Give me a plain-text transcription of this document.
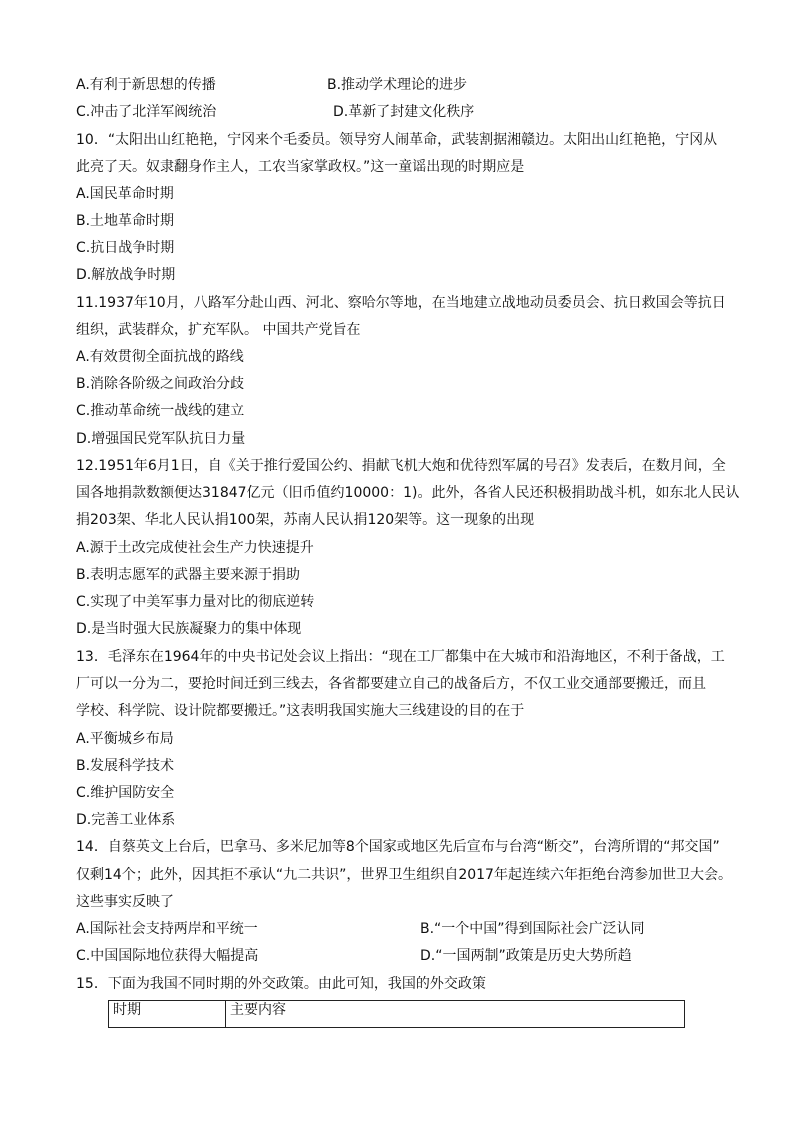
A.有利于新思想的传播	B.推动学术理论的进步
C.冲击了北洋军阀统治	D.革新了封建文化秩序
10．“太阳出山红艳艳，宁冈来个毛委员。领导穷人闹革命，武装割据湘赣边。太阳出山红艳艳，宁冈从
此亮了天。奴隶翻身作主人，工农当家掌政权。”这一童谣出现的时期应是
A.国民革命时期
B.土地革命时期
C.抗日战争时期
D.解放战争时期
11.1937年10月，八路军分赴山西、河北、察哈尔等地，在当地建立战地动员委员会、抗日救国会等抗日
组织，武装群众，扩充军队。 中国共产党旨在
A.有效贯彻全面抗战的路线
B.消除各阶级之间政治分歧
C.推动革命统一战线的建立
D.增强国民党军队抗日力量
12.1951年6月1日，自《关于推行爱国公约、捐献飞机大炮和优待烈军属的号召》发表后，在数月间，全
国各地捐款数额便达31847亿元（旧币值约10000：1)。此外，各省人民还积极捐助战斗机，如东北人民认
捐203架、华北人民认捐100架，苏南人民认捐120架等。这一现象的出现
A.源于土改完成使社会生产力快速提升
B.表明志愿军的武器主要来源于捐助
C.实现了中美军事力量对比的彻底逆转
D.是当时强大民族凝聚力的集中体现
13．毛泽东在1964年的中央书记处会议上指出：“现在工厂都集中在大城市和沿海地区，不利于备战，工
厂可以一分为二，要抢时间迁到三线去，各省都要建立自己的战备后方，不仅工业交通部要搬迁，而且
学校、科学院、设计院都要搬迁。”这表明我国实施大三线建设的目的在于
A.平衡城乡布局
B.发展科学技术
C.维护国防安全
D.完善工业体系
14．自蔡英文上台后，巴拿马、多米尼加等8个国家或地区先后宣布与台湾“断交”，台湾所谓的“邦交国”
仅剩14个；此外，因其拒不承认“九二共识”，世界卫生组织自2017年起连续六年拒绝台湾参加世卫大会。
这些事实反映了
A.国际社会支持两岸和平统一	B.“一个中国”得到国际社会广泛认同
C.中国国际地位获得大幅提高	D.“一国两制”政策是历史大势所趋
15．下面为我国不同时期的外交政策。由此可知，我国的外交政策
时期	主要内容
